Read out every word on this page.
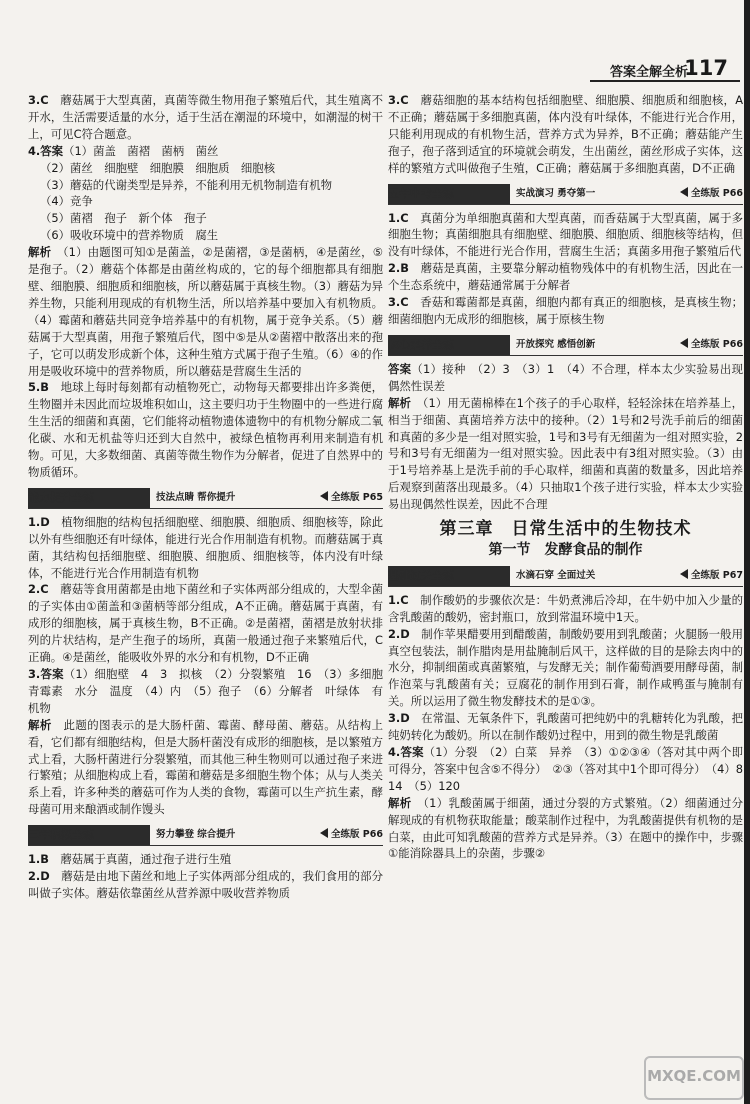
答案全解全析
117

3.C　蘑菇属于大型真菌，真菌等微生物用孢子繁殖后代，其生殖离不开水，生活需要适量的水分，适于生活在潮湿的环境中，如潮湿的树干上，可见C符合题意。

4.答案（1）菌盖　菌褶　菌柄　菌丝

（2）菌丝　细胞壁　细胞膜　细胞质　细胞核

（3）蘑菇的代谢类型是异养，不能利用无机物制造有机物

（4）竞争

（5）菌褶　孢子　新个体　孢子

（6）吸收环境中的营养物质　腐生

解析　（1）由题图可知①是菌盖，②是菌褶，③是菌柄，④是菌丝，⑤是孢子。（2）蘑菇个体都是由菌丝构成的，它的每个细胞都具有细胞壁、细胞膜、细胞质和细胞核，所以蘑菇属于真核生物。（3）蘑菇为异养生物，只能利用现成的有机物生活，所以培养基中要加入有机物质。（4）霉菌和蘑菇共同竞争培养基中的有机物，属于竞争关系。（5）蘑菇属于大型真菌，用孢子繁殖后代，图中⑤是从②菌褶中散落出来的孢子，它可以萌发形成新个体，这种生殖方式属于孢子生殖。（6）④的作用是吸收环境中的营养物质，所以蘑菇是营腐生生活的

5.B　地球上每时每刻都有动植物死亡，动物每天都要排出许多粪便，生物圈并未因此而垃圾堆积如山，这主要归功于生物圈中的一些进行腐生生活的细菌和真菌，它们能将动植物遗体遗物中的有机物分解成二氧化碳、水和无机盐等归还到大自然中，被绿色植物再利用来制造有机物。可见，大多数细菌、真菌等微生物作为分解者，促进了自然界中的物质循环。

能力提升全练	技法点睛 帮你提升	全练版 P65

1.D　植物细胞的结构包括细胞壁、细胞膜、细胞质、细胞核等，除此以外有些细胞还有叶绿体，能进行光合作用制造有机物。而蘑菇属于真菌，其结构包括细胞壁、细胞膜、细胞质、细胞核等，体内没有叶绿体，不能进行光合作用制造有机物

2.C　蘑菇等食用菌都是由地下菌丝和子实体两部分组成的，大型伞菌的子实体由①菌盖和③菌柄等部分组成，A不正确。蘑菇属于真菌，有成形的细胞核，属于真核生物，B不正确。②是菌褶，菌褶是放射状排列的片状结构，是产生孢子的场所，真菌一般通过孢子来繁殖后代，C正确。④是菌丝，能吸收外界的水分和有机物，D不正确

3.答案（1）细胞壁　4　3　拟核　（2）分裂繁殖　16　（3）多细胞　青霉素　水分　温度　（4）内　（5）孢子　（6）分解者　叶绿体　有机物

解析　此题的图表示的是大肠杆菌、霉菌、酵母菌、蘑菇。从结构上看，它们都有细胞结构，但是大肠杆菌没有成形的细胞核，是以繁殖方式上看，大肠杆菌进行分裂繁殖，而其他三种生物则可以通过孢子来进行繁殖；从细胞构成上看，霉菌和蘑菇是多细胞生物个体；从与人类关系上看，许多种类的蘑菇可作为人类的食物，霉菌可以生产抗生素，酵母菌可用来酿酒或制作馒头

三年模拟全练	努力攀登 综合提升	全练版 P66

1.B　蘑菇属于真菌，通过孢子进行生殖

2.D　蘑菇是由地下菌丝和地上子实体两部分组成的，我们食用的部分叫做子实体。蘑菇依靠菌丝从营养源中吸收营养物质

3.C　蘑菇细胞的基本结构包括细胞壁、细胞膜、细胞质和细胞核，A不正确；蘑菇属于多细胞真菌，体内没有叶绿体，不能进行光合作用，只能利用现成的有机物生活，营养方式为异养，B不正确；蘑菇能产生孢子，孢子落到适宜的环境就会萌发，生出菌丝，菌丝形成子实体，这样的繁殖方式叫做孢子生殖，C正确；蘑菇属于多细胞真菌，D不正确

五年中考全练	实战演习 勇夺第一	全练版 P66

1.C　真菌分为单细胞真菌和大型真菌，而香菇属于大型真菌，属于多细胞生物；真菌细胞具有细胞壁、细胞膜、细胞质、细胞核等结构，但没有叶绿体，不能进行光合作用，营腐生生活；真菌多用孢子繁殖后代

2.B　蘑菇是真菌，主要靠分解动植物残体中的有机物生活，因此在一个生态系统中，蘑菇通常属于分解者

3.C　香菇和霉菌都是真菌，细胞内都有真正的细胞核，是真核生物；细菌细胞内无成形的细胞核，属于原核生物

核心素养全练	开放探究 感悟创新	全练版 P66

答案（1）接种　（2）3　（3）1　（4）不合理，样本太少实验易出现偶然性误差

解析　（1）用无菌棉棒在1个孩子的手心取样，轻轻涂抹在培养基上，相当于细菌、真菌培养方法中的接种。（2）1号和2号洗手前后的细菌和真菌的多少是一组对照实验，1号和3号有无细菌为一组对照实验，2号和3号有无细菌为一组对照实验。因此表中有3组对照实验。（3）由于1号培养基上是洗手前的手心取样，细菌和真菌的数量多，因此培养后观察到菌落出现最多。（4）只抽取1个孩子进行实验，样本太少实验易出现偶然性误差，因此不合理

第三章　日常生活中的生物技术
第一节　发酵食品的制作
基础过关全练	水滴石穿 全面过关	全练版 P67

1.C　制作酸奶的步骤依次是：牛奶煮沸后冷却，在牛奶中加入少量的含乳酸菌的酸奶，密封瓶口，放到常温环境中1天。

2.D　制作苹果醋要用到醋酸菌，制酸奶要用到乳酸菌；火腿肠一般用真空包装法，制作腊肉是用盐腌制后风干，这样做的目的是除去肉中的水分，抑制细菌或真菌繁殖，与发酵无关；制作葡萄酒要用酵母菌，制作泡菜与乳酸菌有关；豆腐花的制作用到石膏，制作咸鸭蛋与腌制有关。所以运用了微生物发酵技术的是①③。

3.D　在常温、无氧条件下，乳酸菌可把纯奶中的乳糖转化为乳酸，把纯奶转化为酸奶。所以在制作酸奶过程中，用到的微生物是乳酸菌

4.答案（1）分裂　（2）白菜　异养　（3）①②③④（答对其中两个即可得分，答案中包含⑤不得分）　②③（答对其中1个即可得分）　（4）8　14　（5）120

解析　（1）乳酸菌属于细菌，通过分裂的方式繁殖。（2）细菌通过分解现成的有机物获取能量；酸菜制作过程中，为乳酸菌提供有机物的是白菜，由此可知乳酸菌的营养方式是异养。（3）在题中的操作中，步骤①能消除器具上的杂菌，步骤②

MXQE.COM
